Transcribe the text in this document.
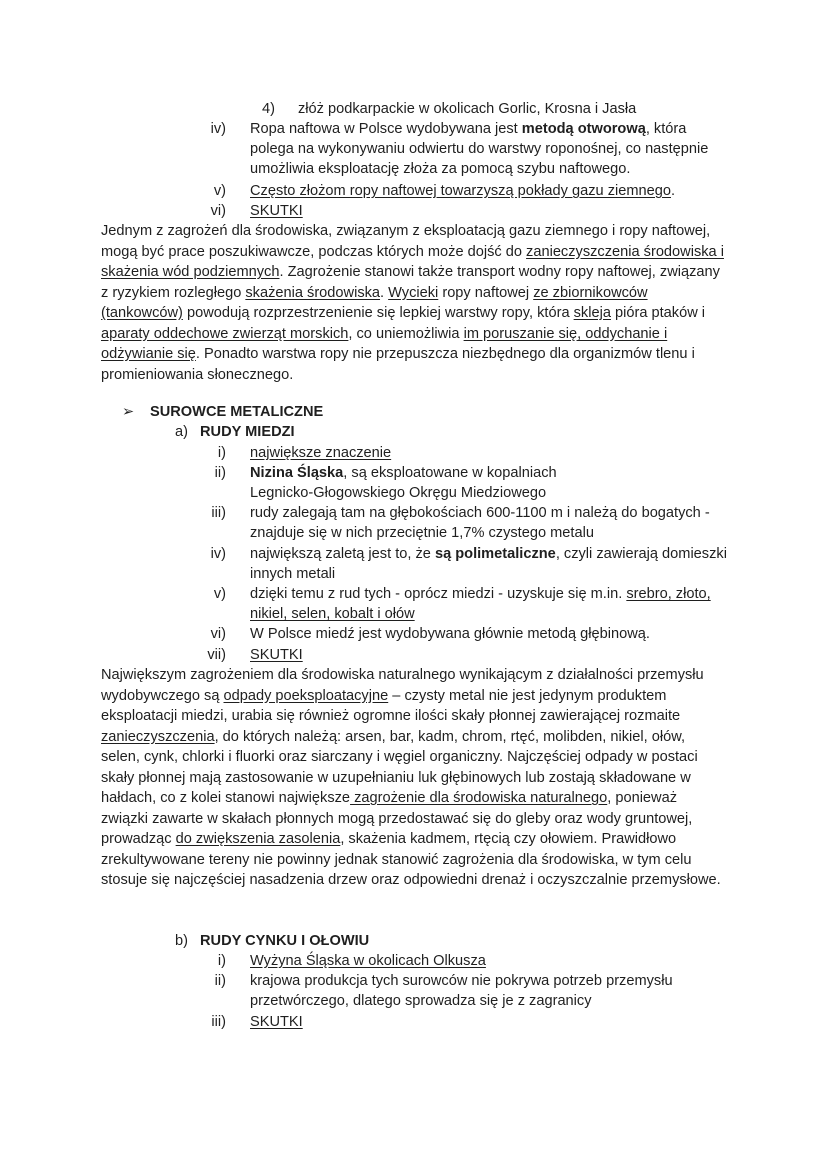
4)	złóż podkarpackie w okolicach Gorlic, Krosna i Jasła
iv) Ropa naftowa w Polsce wydobywana jest metodą otworową, która polega na wykonywaniu odwiertu do warstwy roponośnej, co następnie umożliwia eksploatację złoża za pomocą szybu naftowego.
v) Często złożom ropy naftowej towarzyszą pokłady gazu ziemnego.
vi) SKUTKI

Jednym z zagrożeń dla środowiska, związanym z eksploatacją gazu ziemnego i ropy naftowej, mogą być prace poszukiwawcze, podczas których może dojść do zanieczyszczenia środowiska i skażenia wód podziemnych. Zagrożenie stanowi także transport wodny ropy naftowej, związany z ryzykiem rozległego skażenia środowiska. Wycieki ropy naftowej ze zbiornikowców (tankowców) powodują rozprzestrzenienie się lepkiej warstwy ropy, która skleja pióra ptaków i aparaty oddechowe zwierząt morskich, co uniemożliwia im poruszanie się, oddychanie i odżywianie się. Ponadto warstwa ropy nie przepuszcza niezbędnego dla organizmów tlenu i promieniowania słonecznego.

➢ SUROWCE METALICZNE
a) RUDY MIEDZI
i) największe znaczenie
ii) Nizina Śląska, są eksploatowane w kopalniach Legnicko-Głogowskiego Okręgu Miedziowego
iii) rudy zalegają tam na głębokościach 600-1100 m i należą do bogatych - znajduje się w nich przeciętnie 1,7% czystego metalu
iv) największą zaletą jest to, że są polimetaliczne, czyli zawierają domieszki innych metali
v) dzięki temu z rud tych - oprócz miedzi - uzyskuje się m.in. srebro, złoto, nikiel, selen, kobalt i ołów
vi) W Polsce miedź jest wydobywana głównie metodą głębinową.
vii) SKUTKI

Największym zagrożeniem dla środowiska naturalnego wynikającym z działalności przemysłu wydobywczego są odpady poeksploatacyjne – czysty metal nie jest jedynym produktem eksploatacji miedzi, urabia się również ogromne ilości skały płonnej zawierającej rozmaite zanieczyszczenia, do których należą: arsen, bar, kadm, chrom, rtęć, molibden, nikiel, ołów, selen, cynk, chlorki i fluorki oraz siarczany i węgiel organiczny. Najczęściej odpady w postaci skały płonnej mają zastosowanie w uzupełnianiu luk głębinowych lub zostają składowane w hałdach, co z kolei stanowi największe zagrożenie dla środowiska naturalnego, ponieważ związki zawarte w skałach płonnych mogą przedostawać się do gleby oraz wody gruntowej, prowadząc do zwiększenia zasolenia, skażenia kadmem, rtęcią czy ołowiem. Prawidłowo zrekultywowane tereny nie powinny jednak stanowić zagrożenia dla środowiska, w tym celu stosuje się najczęściej nasadzenia drzew oraz odpowiedni drenaż i oczyszczalnie przemysłowe.

b) RUDY CYNKU I OŁOWIU
i) Wyżyna Śląska w okolicach Olkusza
ii) krajowa produkcja tych surowców nie pokrywa potrzeb przemysłu przetwórczego, dlatego sprowadza się je z zagranicy
iii) SKUTKI
